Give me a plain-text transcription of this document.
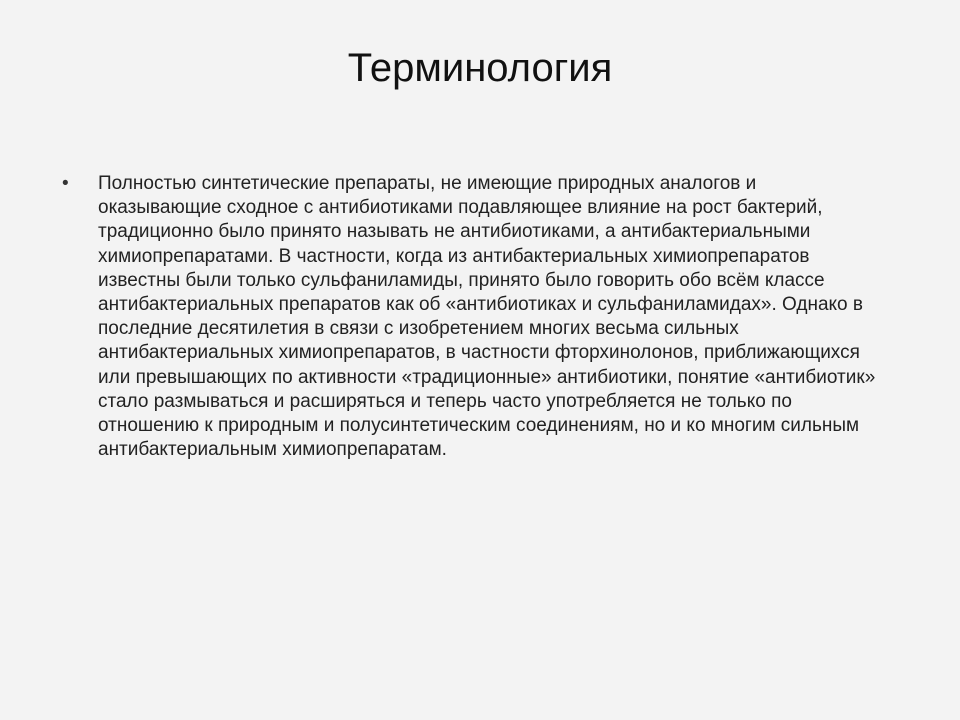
Терминология
• Полностью синтетические препараты, не имеющие природных аналогов и оказывающие сходное с антибиотиками подавляющее влияние на рост бактерий, традиционно было принято называть не антибиотиками, а антибактериальными химиопрепаратами. В частности, когда из антибактериальных химиопрепаратов известны были только сульфаниламиды, принято было говорить обо всём классе антибактериальных препаратов как об «антибиотиках и сульфаниламидах». Однако в последние десятилетия в связи с изобретением многих весьма сильных антибактериальных химиопрепаратов, в частности фторхинолонов, приближающихся или превышающих по активности «традиционные» антибиотики, понятие «антибиотик» стало размываться и расширяться и теперь часто употребляется не только по отношению к природным и полусинтетическим соединениям, но и ко многим сильным антибактериальным химиопрепаратам.
